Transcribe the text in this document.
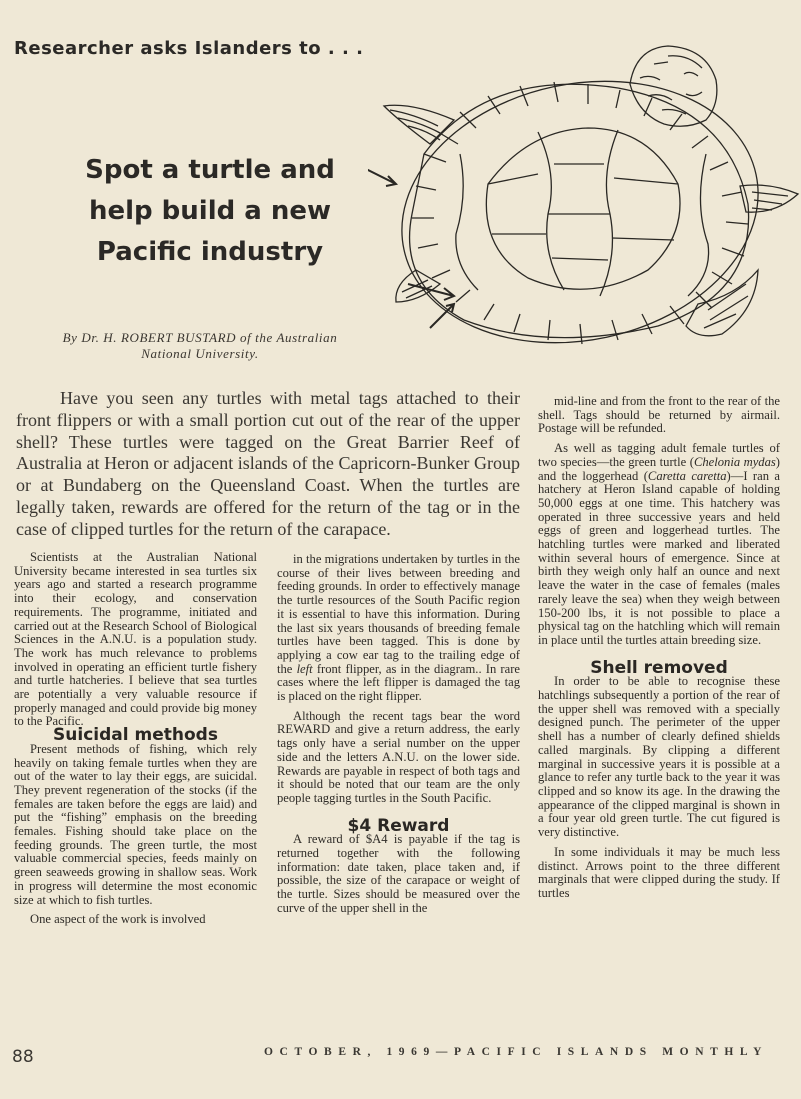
Researcher asks Islanders to . . .
Spot a turtle and
help build a new
Pacific industry
By Dr. H. ROBERT BUSTARD of the Australian
National University.
Have you seen any turtles with metal tags attached to their front flippers or with a small portion cut out of the rear of the upper shell? These turtles were tagged on the Great Barrier Reef of Australia at Heron or adjacent islands of the Capricorn-Bunker Group or at Bundaberg on the Queensland Coast. When the turtles are legally taken, rewards are offered for the return of the tag or in the case of clipped turtles for the return of the carapace.

Scientists at the Australian National University became interested in sea turtles six years ago and started a research programme into their ecology, and conservation requirements. The programme, initiated and carried out at the Research School of Biological Sciences in the A.N.U. is a population study. The work has much relevance to problems involved in operating an efficient turtle fishery and turtle hatcheries. I believe that sea turtles are potentially a very valuable resource if properly managed and could provide big money to the Pacific.

Suicidal methods

Present methods of fishing, which rely heavily on taking female turtles when they are out of the water to lay their eggs, are suicidal. They prevent regeneration of the stocks (if the females are taken before the eggs are laid) and put the “fishing” emphasis on the breeding females. Fishing should take place on the feeding grounds. The green turtle, the most valuable commercial species, feeds mainly on green seaweeds growing in shallow seas. Work in progress will determine the most economic size at which to fish turtles.

One aspect of the work is involved

in the migrations undertaken by turtles in the course of their lives between breeding and feeding grounds. In order to effectively manage the turtle resources of the South Pacific region it is essential to have this information. During the last six years thousands of breeding female turtles have been tagged. This is done by applying a cow ear tag to the trailing edge of the left front flipper, as in the diagram.. In rare cases where the left flipper is damaged the tag is placed on the right flipper.

Although the recent tags bear the word REWARD and give a return address, the early tags only have a serial number on the upper side and the letters A.N.U. on the lower side. Rewards are payable in respect of both tags and it should be noted that our team are the only people tagging turtles in the South Pacific.

$4 Reward

A reward of $A4 is payable if the tag is returned together with the following information: date taken, place taken and, if possible, the size of the carapace or weight of the turtle. Sizes should be measured over the curve of the upper shell in the

mid-line and from the front to the rear of the shell. Tags should be returned by airmail. Postage will be refunded.

As well as tagging adult female turtles of two species—the green turtle (Chelonia mydas) and the loggerhead (Caretta caretta)—I ran a hatchery at Heron Island capable of holding 50,000 eggs at one time. This hatchery was operated in three successive years and held eggs of green and loggerhead turtles. The hatchling turtles were marked and liberated within several hours of emergence. Since at birth they weigh only half an ounce and next leave the water in the case of females (males rarely leave the sea) when they weigh between 150-200 lbs, it is not possible to place a physical tag on the hatchling which will remain in place until the turtles attain breeding size.

Shell removed

In order to be able to recognise these hatchlings subsequently a portion of the rear of the upper shell was removed with a specially designed punch. The perimeter of the upper shell has a number of clearly defined shields called marginals. By clipping a different marginal in successive years it is possible at a glance to refer any turtle back to the year it was clipped and so know its age. In the drawing the appearance of the clipped marginal is shown in a four year old green turtle. The cut figured is very distinctive.

In some individuals it may be much less distinct. Arrows point to the three different marginals that were clipped during the study. If turtles

88	OCTOBER, 1969—PACIFIC ISLANDS MONTHLY
